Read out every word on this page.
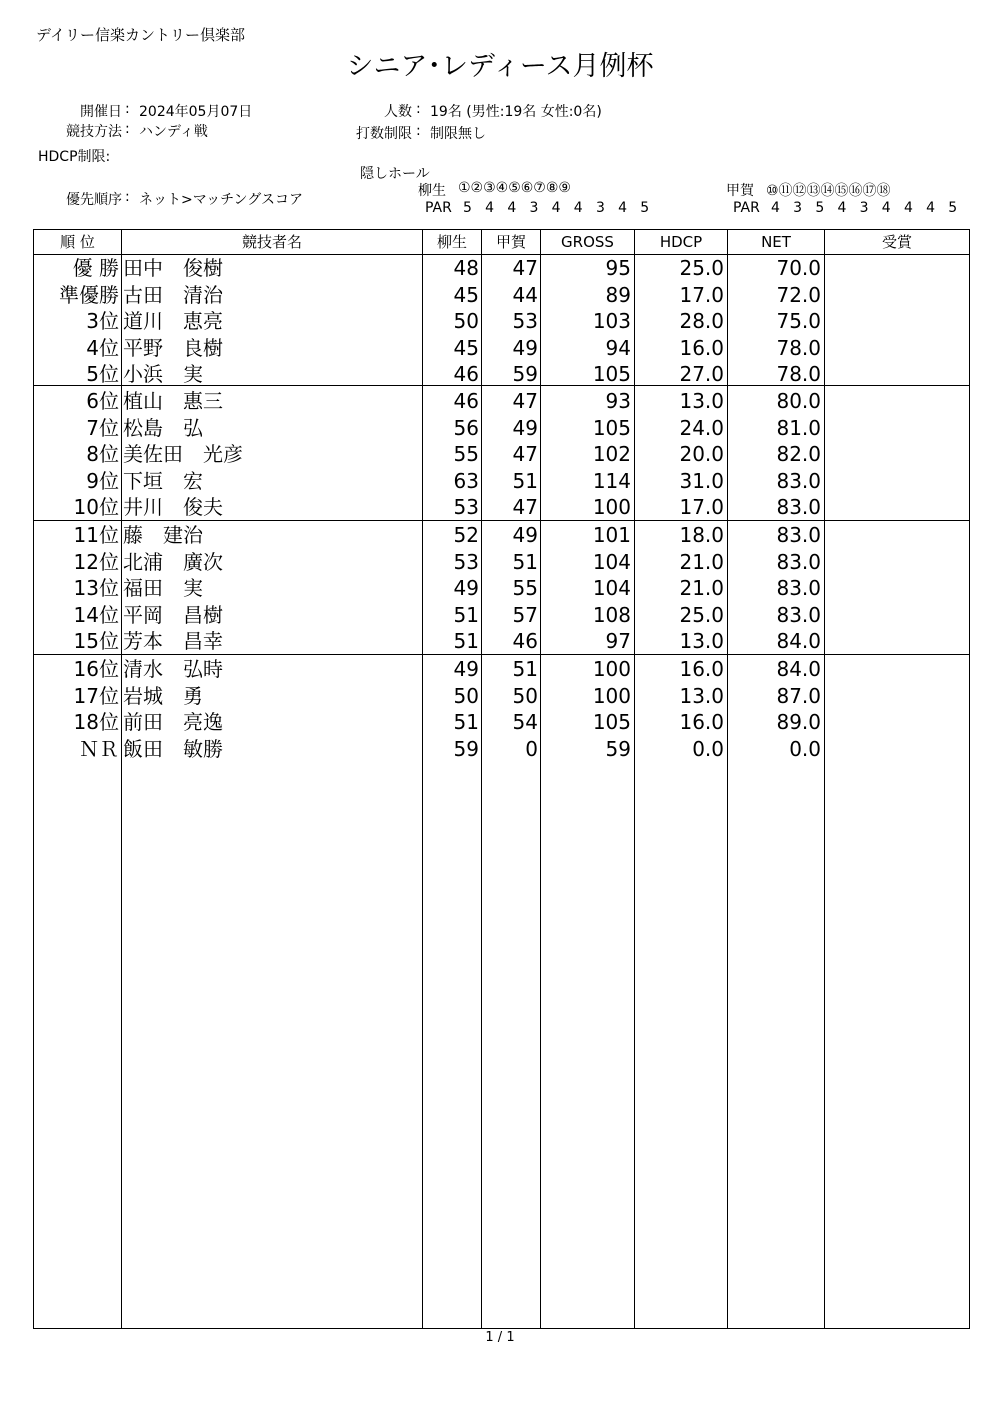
デイリー信楽カントリー倶楽部
シニア･レディース月例杯
開催日 : 2024年05月07日
競技方法 : ハンディ戦
HDCP制限:
人数 : 19名 (男性:19名 女性:0名)
打数制限 : 制限無し
隠しホール
優先順序 : ネット>マッチングスコア
柳生 ①②③④⑤⑥⑦⑧⑨
PAR 5 4 4 3 4 4 3 4 5
甲賀 ⑩⑪⑫⑬⑭⑮⑯⑰⑱
PAR 4 3 5 4 3 4 4 4 5
順 位	競技者名	柳生	甲賀	GROSS	HDCP	NET	受賞
優 勝 田中　俊樹	48	47	95	25.0	70.0
準優勝 古田　清治	45	44	89	17.0	72.0
3位 道川　恵亮	50	53	103	28.0	75.0
4位 平野　良樹	45	49	94	16.0	78.0
5位 小浜　実	46	59	105	27.0	78.0
6位 植山　惠三	46	47	93	13.0	80.0
7位 松島　弘	56	49	105	24.0	81.0
8位 美佐田　光彦	55	47	102	20.0	82.0
9位 下垣　宏	63	51	114	31.0	83.0
10位 井川　俊夫	53	47	100	17.0	83.0
11位 藤　建治	52	49	101	18.0	83.0
12位 北浦　廣次	53	51	104	21.0	83.0
13位 福田　実	49	55	104	21.0	83.0
14位 平岡　昌樹	51	57	108	25.0	83.0
15位 芳本　昌幸	51	46	97	13.0	84.0
16位 清水　弘時	49	51	100	16.0	84.0
17位 岩城　勇	50	50	100	13.0	87.0
18位 前田　亮逸	51	54	105	16.0	89.0
ＮＲ 飯田　敏勝	59	0	59	0.0	0.0
1 / 1
